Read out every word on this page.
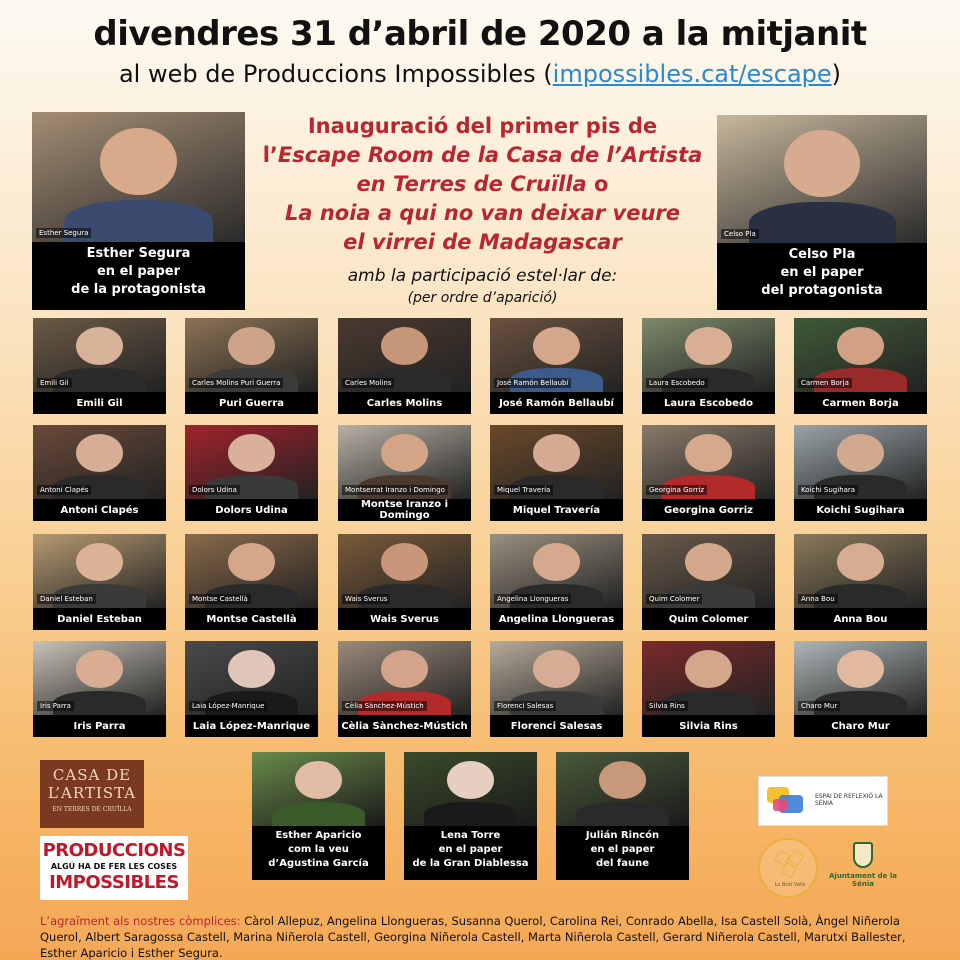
divendres 31 d’abril de 2020 a la mitjanit
al web de Produccions Impossibles (impossibles.cat/escape)
Inauguració del primer pis de
l’Escape Room de la Casa de l’Artista
en Terres de Cruïlla o
La noia a qui no van deixar veure
el virrei de Madagascar
amb la participació estel·lar de:
(per ordre d’aparició)
Esther Segura
Esther Segura
en el paper
de la protagonista
Celso Pla
Celso Pla
en el paper
del protagonista
Emili Gil
Emili Gil
Carles Molins Puri Guerra
Puri Guerra
Carles Molins
Carles Molins
José Ramón Bellaubí
José Ramón Bellaubí
Laura Escobedo
Laura Escobedo
Carmen Borja
Carmen Borja
Antoni Clapés
Antoni Clapés
Dolors Udina
Dolors Udina
Montserrat Iranzo i Domingo
Montse Iranzo i Domingo
Miquel Travería
Miquel Travería
Georgina Gorriz
Georgina Gorriz
Koichi Sugihara
Koichi Sugihara
Daniel Esteban
Daniel Esteban
Montse Castellà
Montse Castellà
Wais Sverus
Wais Sverus
Angelina Llongueras
Angelina Llongueras
Quim Colomer
Quim Colomer
Anna Bou
Anna Bou
Iris Parra
Iris Parra
Laia López-Manrique
Laia López-Manrique
Cèlia Sànchez-Mústich
Cèlia Sànchez-Mústich
Florenci Salesas
Florenci Salesas
Silvia Rins
Silvia Rins
Charo Mur
Charo Mur
Esther Aparicio
com la veu
d’Agustina García
Lena Torre
en el paper
de la Gran Diablessa
Julián Rincón
en el paper
del faune
CASA DE
L’ARTISTA
EN TERRES DE CRUÏLLA
PRODUCCIONS
ALGÚ HA DE FER LES COSES
IMPOSSIBLES
ESPAI DE REFLEXIÓ LA SÉNIA
Lo Brot Valls
Ajuntament de la Sénia
L’agraïment als nostres còmplices: Càrol Allepuz, Angelina Llongueras, Susanna Querol, Carolina Rei, Conrado Abella, Isa Castell Solà, Àngel Niñerola Querol, Albert Saragossa Castell, Marina Niñerola Castell, Georgina Niñerola Castell, Marta Niñerola Castell, Gerard Niñerola Castell, Marutxi Ballester, Esther Aparicio i Esther Segura.
